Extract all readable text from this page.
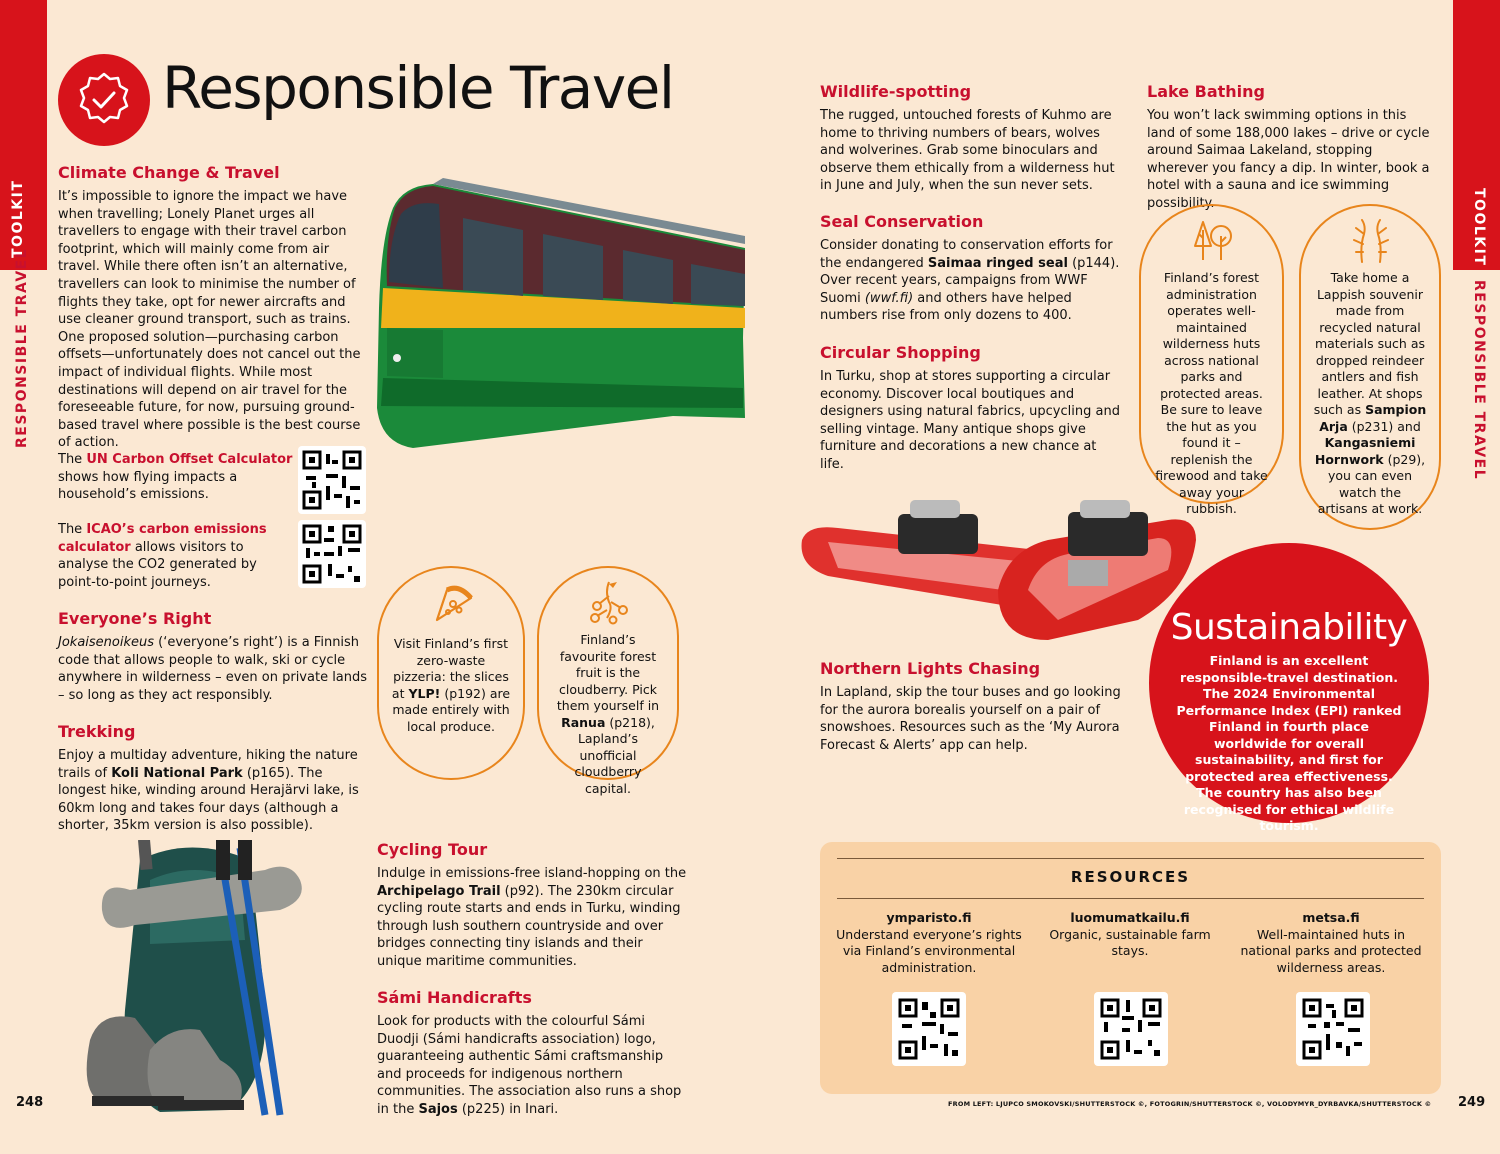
TOOLKIT
RESPONSIBLE TRAVEL
TOOLKIT
RESPONSIBLE TRAVEL
Responsible Travel

Climate Change & Travel

It’s impossible to ignore the impact we have when travelling; Lonely Planet urges all travellers to engage with their travel carbon footprint, which will mainly come from air travel. While there often isn’t an alternative, travellers can look to minimise the number of flights they take, opt for newer aircrafts and use cleaner ground transport, such as trains. One proposed solution—purchasing carbon offsets—unfortunately does not cancel out the impact of individual flights. While most destinations will depend on air travel for the foreseeable future, for now, pursuing ground-based travel where possible is the best course of action.

The UN Carbon Offset Calculator shows how flying impacts a household’s emissions.

The ICAO’s carbon emissions calculator allows visitors to analyse the CO2 generated by point-to-point journeys.

Everyone’s Right

Jokaisenoikeus (‘everyone’s right’) is a Finnish code that allows people to walk, ski or cycle anywhere in wilderness – even on private lands – so long as they act responsibly.

Trekking

Enjoy a multiday adventure, hiking the nature trails of Koli National Park (p165). The longest hike, winding around Herajärvi lake, is 60km long and takes four days (although a shorter, 35km version is also possible).

Visit Finland’s first zero-waste pizzeria: the slices at YLP! (p192) are made entirely with local produce.
Finland’s favourite forest fruit is the cloudberry. Pick them yourself in Ranua (p218), Lapland’s unofficial cloudberry capital.

Cycling Tour

Indulge in emissions-free island-hopping on the Archipelago Trail (p92). The 230km circular cycling route starts and ends in Turku, winding through lush southern countryside and over bridges connecting tiny islands and their unique maritime communities.

Sámi Handicrafts

Look for products with the colourful Sámi Duodji (Sámi handicrafts association) logo, guaranteeing authentic Sámi craftsmanship and proceeds for indigenous northern communities. The association also runs a shop in the Sajos (p225) in Inari.

248	249

Wildlife-spotting

The rugged, untouched forests of Kuhmo are home to thriving numbers of bears, wolves and wolverines. Grab some binoculars and observe them ethically from a wilderness hut in June and July, when the sun never sets.

Seal Conservation

Consider donating to conservation efforts for the endangered Saimaa ringed seal (p144). Over recent years, campaigns from WWF Suomi (wwf.fi) and others have helped numbers rise from only dozens to 400.

Circular Shopping

In Turku, shop at stores supporting a circular economy. Discover local boutiques and designers using natural fabrics, upcycling and selling vintage. Many antique shops give furniture and decorations a new chance at life.

Lake Bathing

You won’t lack swimming options in this land of some 188,000 lakes – drive or cycle around Saimaa Lakeland, stopping wherever you fancy a dip. In winter, book a hotel with a sauna and ice swimming possibility.

Finland’s forest administration operates well-maintained wilderness huts across national parks and protected areas. Be sure to leave the hut as you found it – replenish the firewood and take away your rubbish.
Take home a Lappish souvenir made from recycled natural materials such as dropped reindeer antlers and fish leather. At shops such as Sampion Arja (p231) and Kangasniemi Hornwork (p29), you can even watch the artisans at work.

Northern Lights Chasing

In Lapland, skip the tour buses and go looking for the aurora borealis yourself on a pair of snowshoes. Resources such as the ‘My Aurora Forecast & Alerts’ app can help.

Sustainability
Finland is an excellent responsible-travel destination. The 2024 Environmental Performance Index (EPI) ranked Finland in fourth place worldwide for overall sustainability, and first for protected area effectiveness. The country has also been recognised for ethical wildlife tourism.
RESOURCES
ymparisto.fi
Understand everyone’s rights via Finland’s environmental administration.
luomumatkailu.fi
Organic, sustainable farm stays.
metsa.fi
Well-maintained huts in national parks and protected wilderness areas.
FROM LEFT: LJUPCO SMOKOVSKI/SHUTTERSTOCK ©, FOTOGRIN/SHUTTERSTOCK ©, VOLODYMYR_DYRBAVKA/SHUTTERSTOCK ©
